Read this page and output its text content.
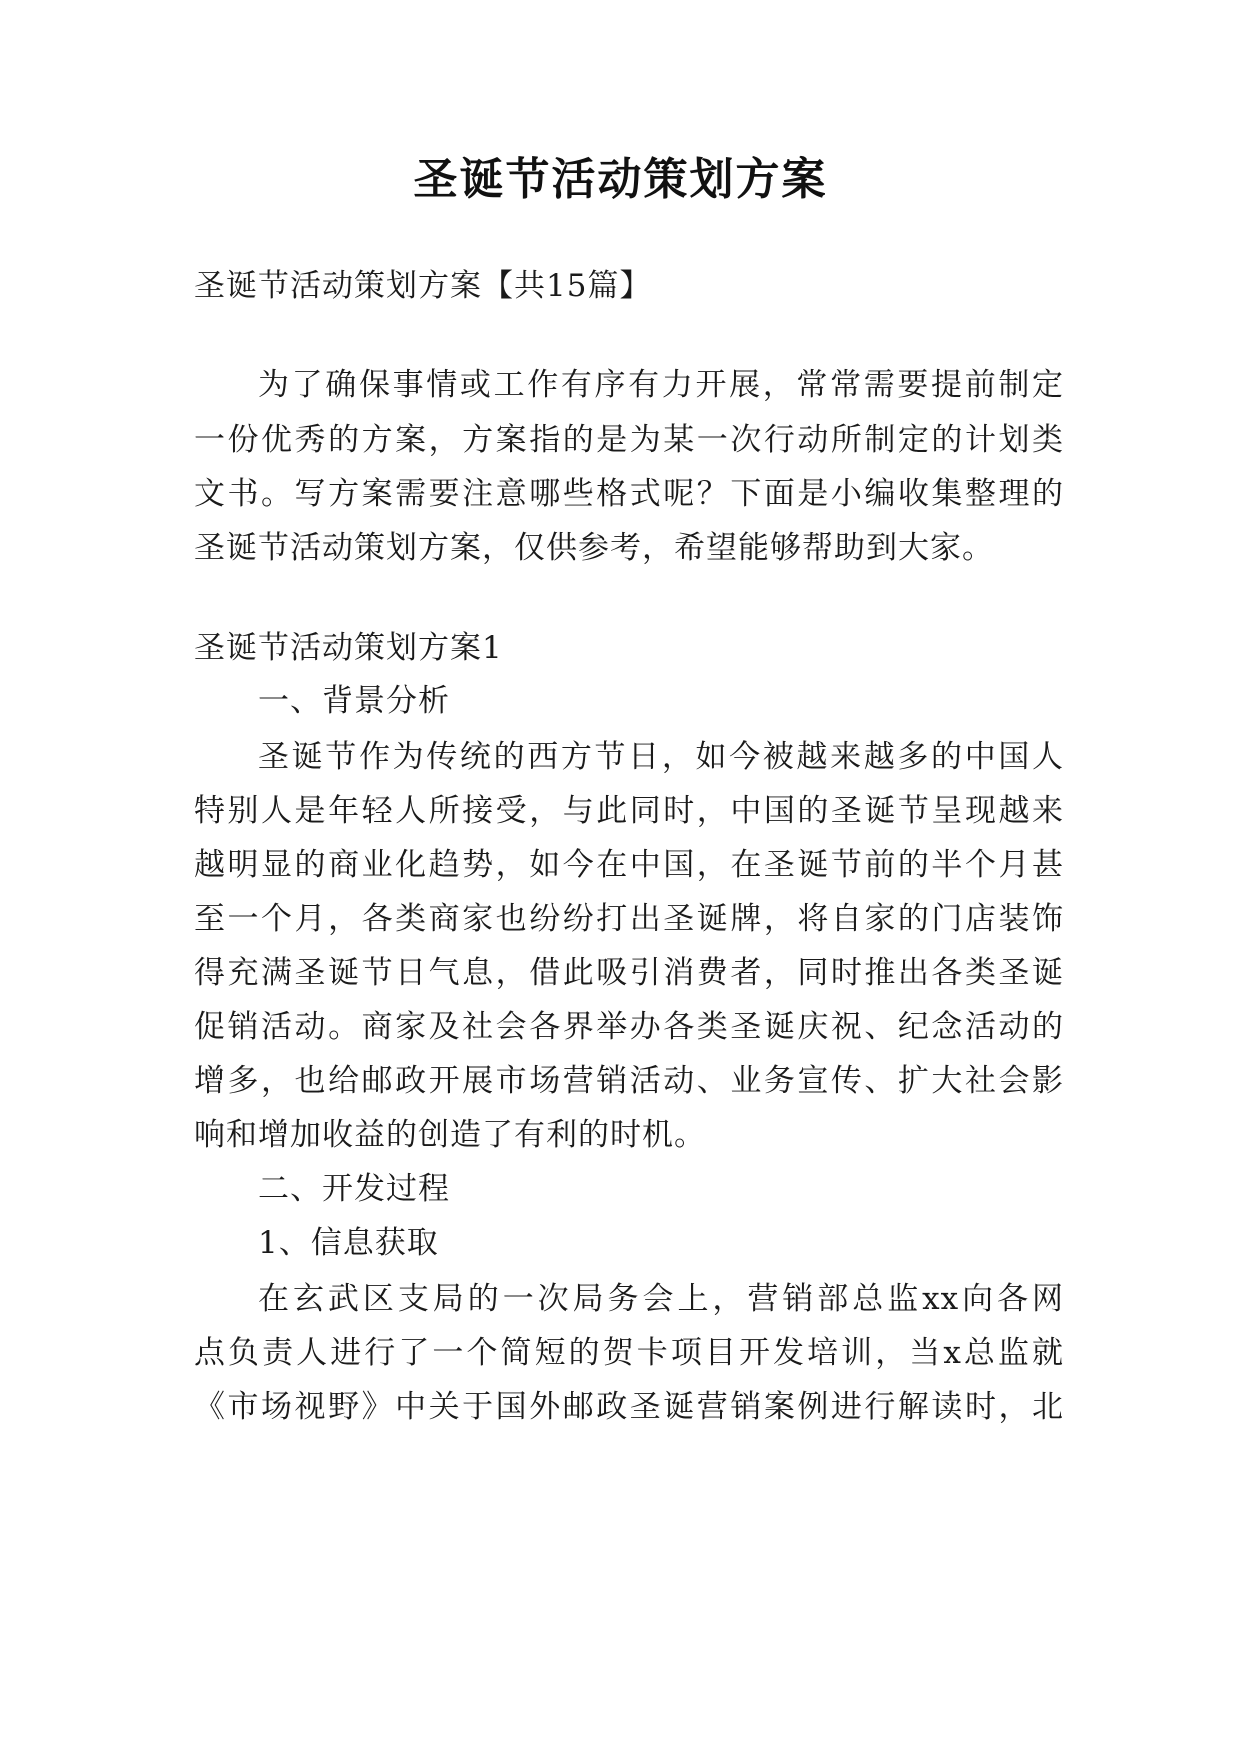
圣诞节活动策划方案
圣诞节活动策划方案【共15篇】
为了确保事情或工作有序有力开展，常常需要提前制定
一份优秀的方案，方案指的是为某一次行动所制定的计划类
文书。写方案需要注意哪些格式呢？下面是小编收集整理的
圣诞节活动策划方案，仅供参考，希望能够帮助到大家。
圣诞节活动策划方案1
一、背景分析
圣诞节作为传统的西方节日，如今被越来越多的中国人
特别人是年轻人所接受，与此同时，中国的圣诞节呈现越来
越明显的商业化趋势，如今在中国，在圣诞节前的半个月甚
至一个月，各类商家也纷纷打出圣诞牌，将自家的门店装饰
得充满圣诞节日气息，借此吸引消费者，同时推出各类圣诞
促销活动。商家及社会各界举办各类圣诞庆祝、纪念活动的
增多，也给邮政开展市场营销活动、业务宣传、扩大社会影
响和增加收益的创造了有利的时机。
二、开发过程
1、信息获取
在玄武区支局的一次局务会上，营销部总监xx向各网
点负责人进行了一个简短的贺卡项目开发培训，当x总监就
《市场视野》中关于国外邮政圣诞营销案例进行解读时，北
